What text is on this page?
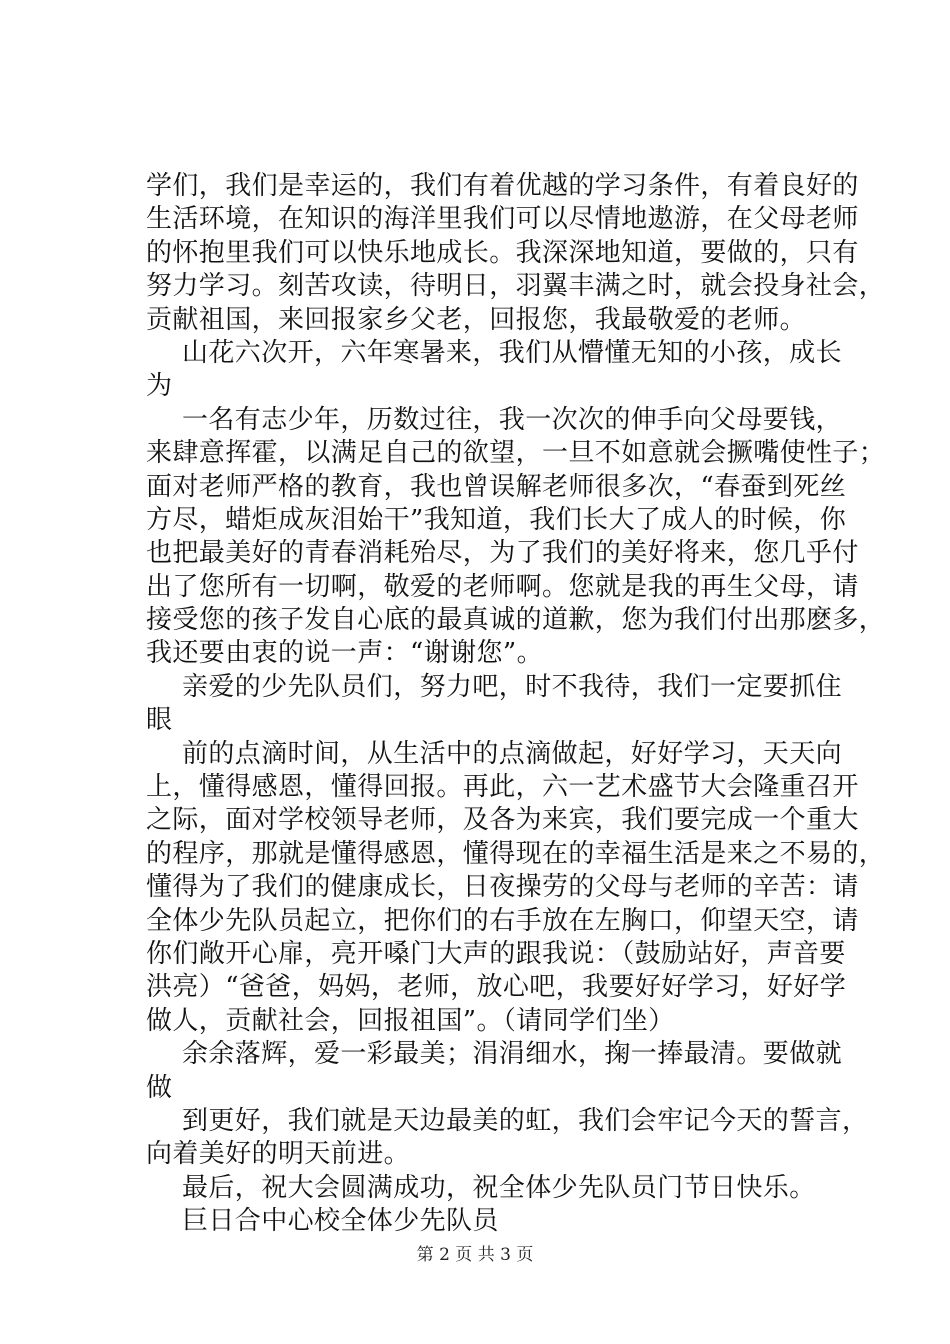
学们，我们是幸运的，我们有着优越的学习条件，有着良好的
生活环境，在知识的海洋里我们可以尽情地遨游，在父母老师
的怀抱里我们可以快乐地成长。我深深地知道，要做的，只有
努力学习。刻苦攻读，待明日，羽翼丰满之时，就会投身社会，
贡献祖国，来回报家乡父老，回报您，我最敬爱的老师。
山花六次开，六年寒暑来，我们从懵懂无知的小孩，成长
为
一名有志少年，历数过往，我一次次的伸手向父母要钱，
来肆意挥霍，以满足自己的欲望，一旦不如意就会撅嘴使性子；
面对老师严格的教育，我也曾误解老师很多次，“春蚕到死丝
方尽，蜡炬成灰泪始干”我知道，我们长大了成人的时候，你
也把最美好的青春消耗殆尽，为了我们的美好将来，您几乎付
出了您所有一切啊，敬爱的老师啊。您就是我的再生父母，请
接受您的孩子发自心底的最真诚的道歉，您为我们付出那麽多，
我还要由衷的说一声：“谢谢您”。
亲爱的少先队员们，努力吧，时不我待，我们一定要抓住
眼
前的点滴时间，从生活中的点滴做起，好好学习，天天向
上，懂得感恩，懂得回报。再此，六一艺术盛节大会隆重召开
之际，面对学校领导老师，及各为来宾，我们要完成一个重大
的程序，那就是懂得感恩，懂得现在的幸福生活是来之不易的，
懂得为了我们的健康成长，日夜操劳的父母与老师的辛苦：请
全体少先队员起立，把你们的右手放在左胸口，仰望天空，请
你们敞开心扉，亮开嗓门大声的跟我说：（鼓励站好，声音要
洪亮）“爸爸，妈妈，老师，放心吧，我要好好学习，好好学
做人，贡献社会，回报祖国”。（请同学们坐）
余余落辉，爱一彩最美；涓涓细水，掬一捧最清。要做就
做
到更好，我们就是天边最美的虹，我们会牢记今天的誓言，
向着美好的明天前进。
最后，祝大会圆满成功，祝全体少先队员门节日快乐。
巨日合中心校全体少先队员
第 2 页 共 3 页
